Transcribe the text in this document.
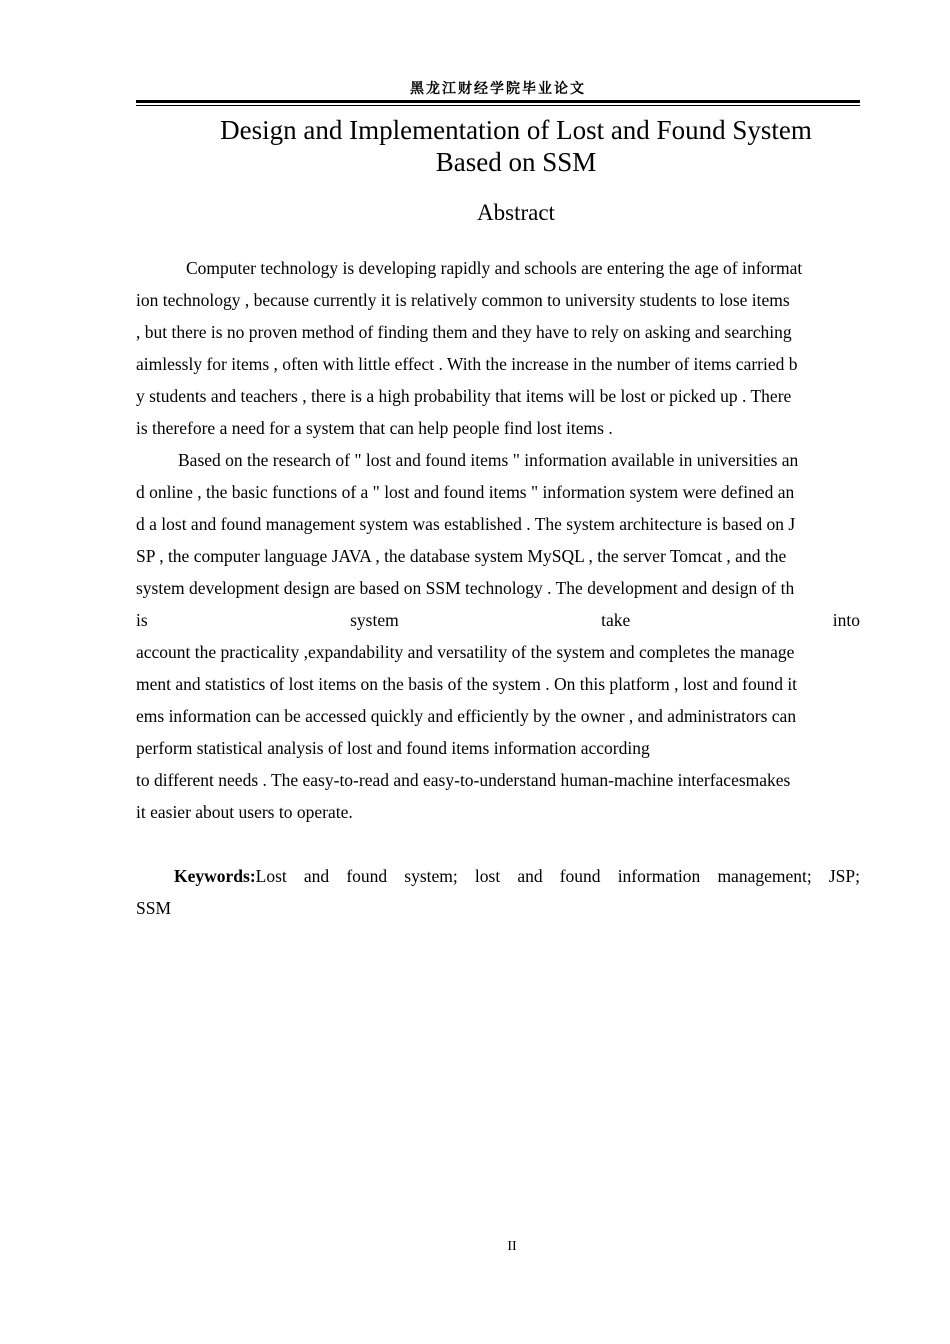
黑龙江财经学院毕业论文
Design and Implementation of Lost and Found System
Based on SSM
Abstract
Computer technology is developing rapidly and schools are entering the age of informat
ion technology , because currently it is relatively common to university students to lose items
, but there is no proven method of finding them and they have to rely on asking and searching
aimlessly for items , often with little effect . With the increase in the number of items carried b
y students and teachers , there is a high probability that items will be lost or picked up . There
is therefore a need for a system that can help people find lost items .
Based on the research of " lost and found items " information available in universities an
d online , the basic functions of a " lost and found items " information system were defined an
d a lost and found management system was established . The system architecture is based on J
SP , the computer language JAVA , the database system MySQL , the server Tomcat , and the
system development design are based on SSM technology . The development and design of th
is system take into
account the practicality ,expandability and versatility of the system and completes the manage
ment and statistics of lost items on the basis of the system . On this platform , lost and found it
ems information can be accessed quickly and efficiently by the owner , and administrators can
perform statistical analysis of lost and found items information according
to different needs . The easy-to-read and easy-to-understand human-machine interfacesmakes
it easier about users to operate.
Keywords:Lost and found system; lost and found information management; JSP;
SSM
II
